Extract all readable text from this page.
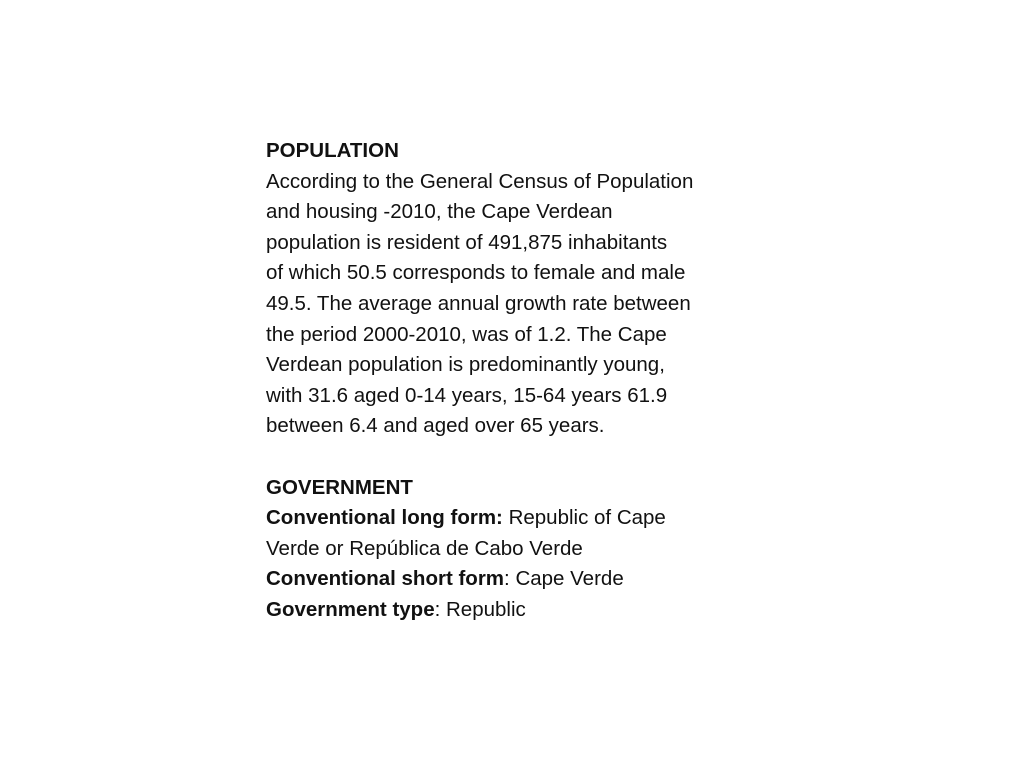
POPULATION
According to the General Census of Population
and housing -2010, the Cape Verdean
population is resident of 491,875 inhabitants
of which 50.5 corresponds to female and male
49.5. The average annual growth rate between
the period 2000-2010, was of 1.2. The Cape
Verdean population is predominantly young,
with 31.6 aged 0-14 years, 15-64 years 61.9
between 6.4 and aged over 65 years.
GOVERNMENT
Conventional long form: Republic of Cape
Verde or República de Cabo Verde
Conventional short form: Cape Verde
Government type: Republic
